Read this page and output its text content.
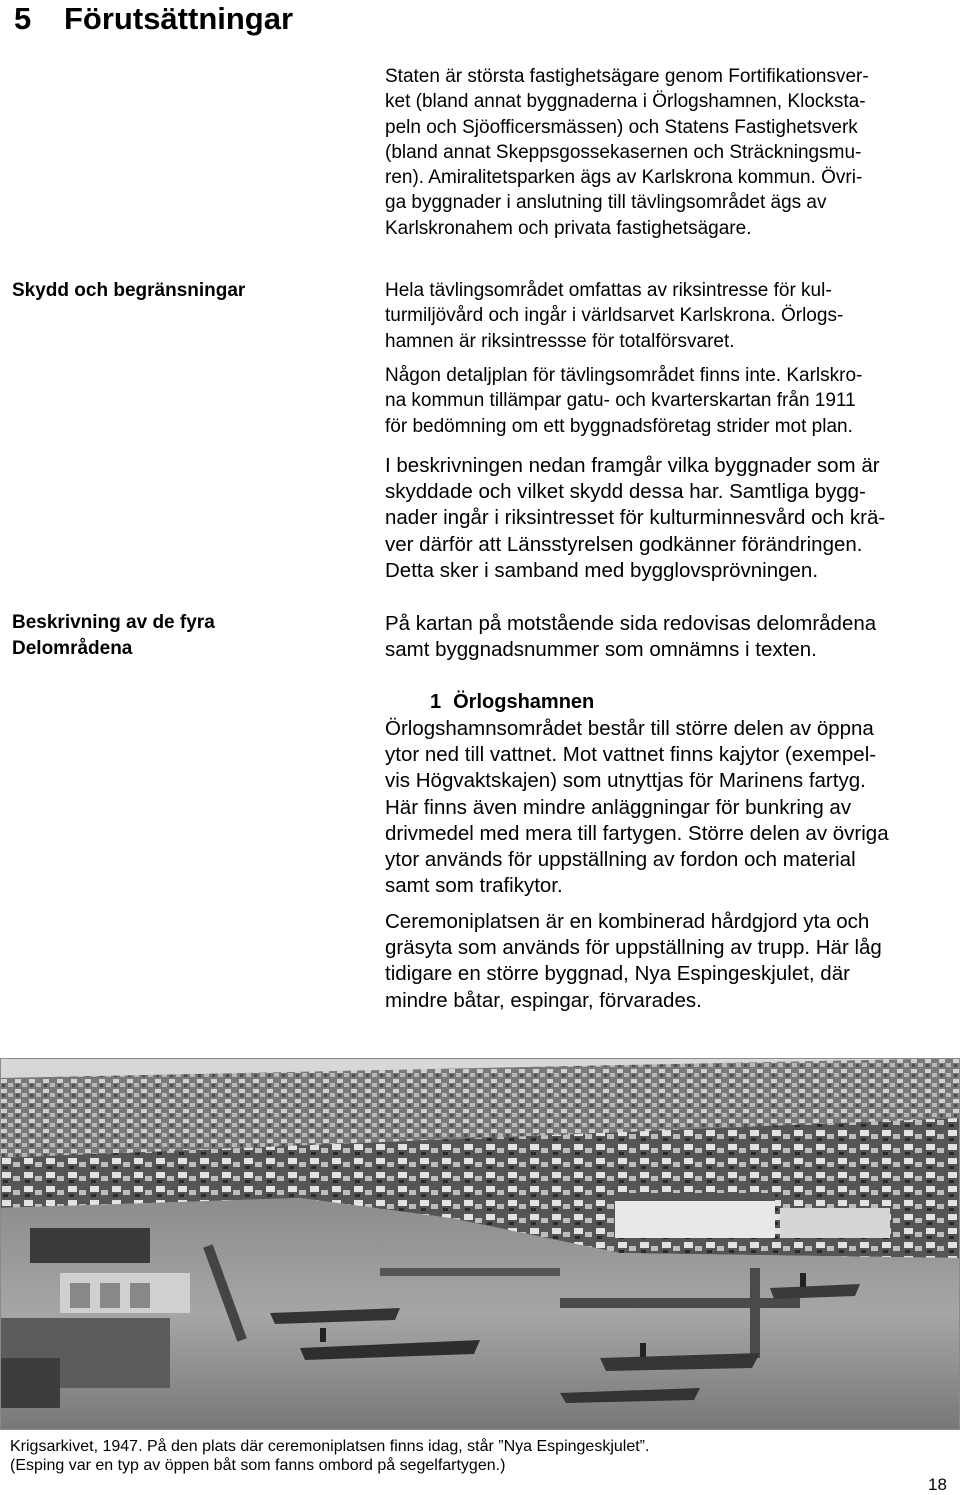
5 Förutsättningar
Staten är största fastighetsägare genom Fortifikationsver-
ket (bland annat byggnaderna i Örlogshamnen, Klocksta-
peln och Sjöofficersmässen) och Statens Fastighetsverk
(bland annat Skeppsgossekasernen och Sträckningsmu-
ren). Amiralitetsparken ägs av Karlskrona kommun. Övri-
ga byggnader i anslutning till tävlingsområdet ägs av
Karlskronahem och privata fastighetsägare.
Skydd och begränsningar	Hela tävlingsområdet omfattas av riksintresse för kul-
turmiljövård och ingår i världsarvet Karlskrona. Örlogs-
hamnen är riksintressse för totalförsvaret.
Någon detaljplan för tävlingsområdet finns inte. Karlskro-
na kommun tillämpar gatu- och kvarterskartan från 1911
för bedömning om ett byggnadsföretag strider mot plan.
I beskrivningen nedan framgår vilka byggnader som är
skyddade och vilket skydd dessa har. Samtliga bygg-
nader ingår i riksintresset för kulturminnesvård och krä-
ver därför att Länsstyrelsen godkänner förändringen.
Detta sker i samband med bygglovsprövningen.
Beskrivning av de fyra
Delområdena
På kartan på motstående sida redovisas delområdena
samt byggnadsnummer som omnämns i texten.
1 Örlogshamnen
Örlogshamnsområdet består till större delen av öppna
ytor ned till vattnet. Mot vattnet finns kajytor (exempel-
vis Högvaktskajen) som utnyttjas för Marinens fartyg.
Här finns även mindre anläggningar för bunkring av
drivmedel med mera till fartygen. Större delen av övriga
ytor används för uppställning av fordon och material
samt som trafikytor.
Ceremoniplatsen är en kombinerad hårdgjord yta och
gräsyta som används för uppställning av trupp. Här låg
tidigare en större byggnad, Nya Espingeskjulet, där
mindre båtar, espingar, förvarades.
Krigsarkivet, 1947. På den plats där ceremoniplatsen finns idag, står ”Nya Espingeskjulet”.
(Esping var en typ av öppen båt som fanns ombord på segelfartygen.)
18
